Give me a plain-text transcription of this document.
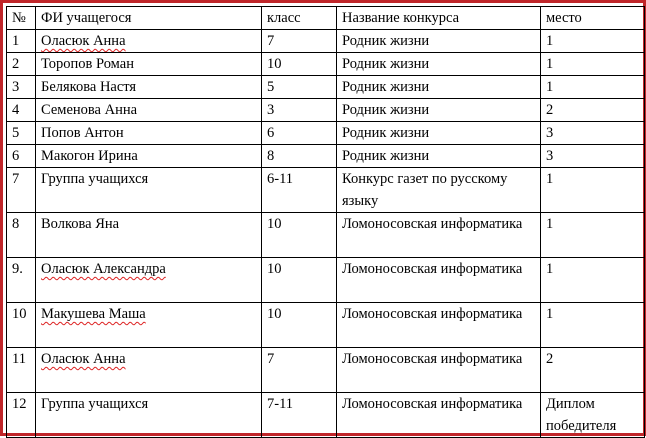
№	ФИ учащегося	класс	Название конкурса	место
1	Оласюк Анна	7	Родник жизни	1
2	Торопов Роман	10	Родник жизни	1
3	Белякова Настя	5	Родник жизни	1
4	Семенова Анна	3	Родник жизни	2
5	Попов Антон	6	Родник жизни	3
6	Макогон Ирина	8	Родник жизни	3
7	Группа учащихся	6-11	Конкурс газет по русскому языку	1
8	Волкова Яна	10	Ломоносовская информатика	1
9.	Оласюк Александра	10	Ломоносовская информатика	1
10	Макушева Маша	10	Ломоносовская информатика	1
11	Оласюк Анна	7	Ломоносовская информатика	2
12	Группа учащихся	7-11	Ломоносовская информатика	Диплом победителя
